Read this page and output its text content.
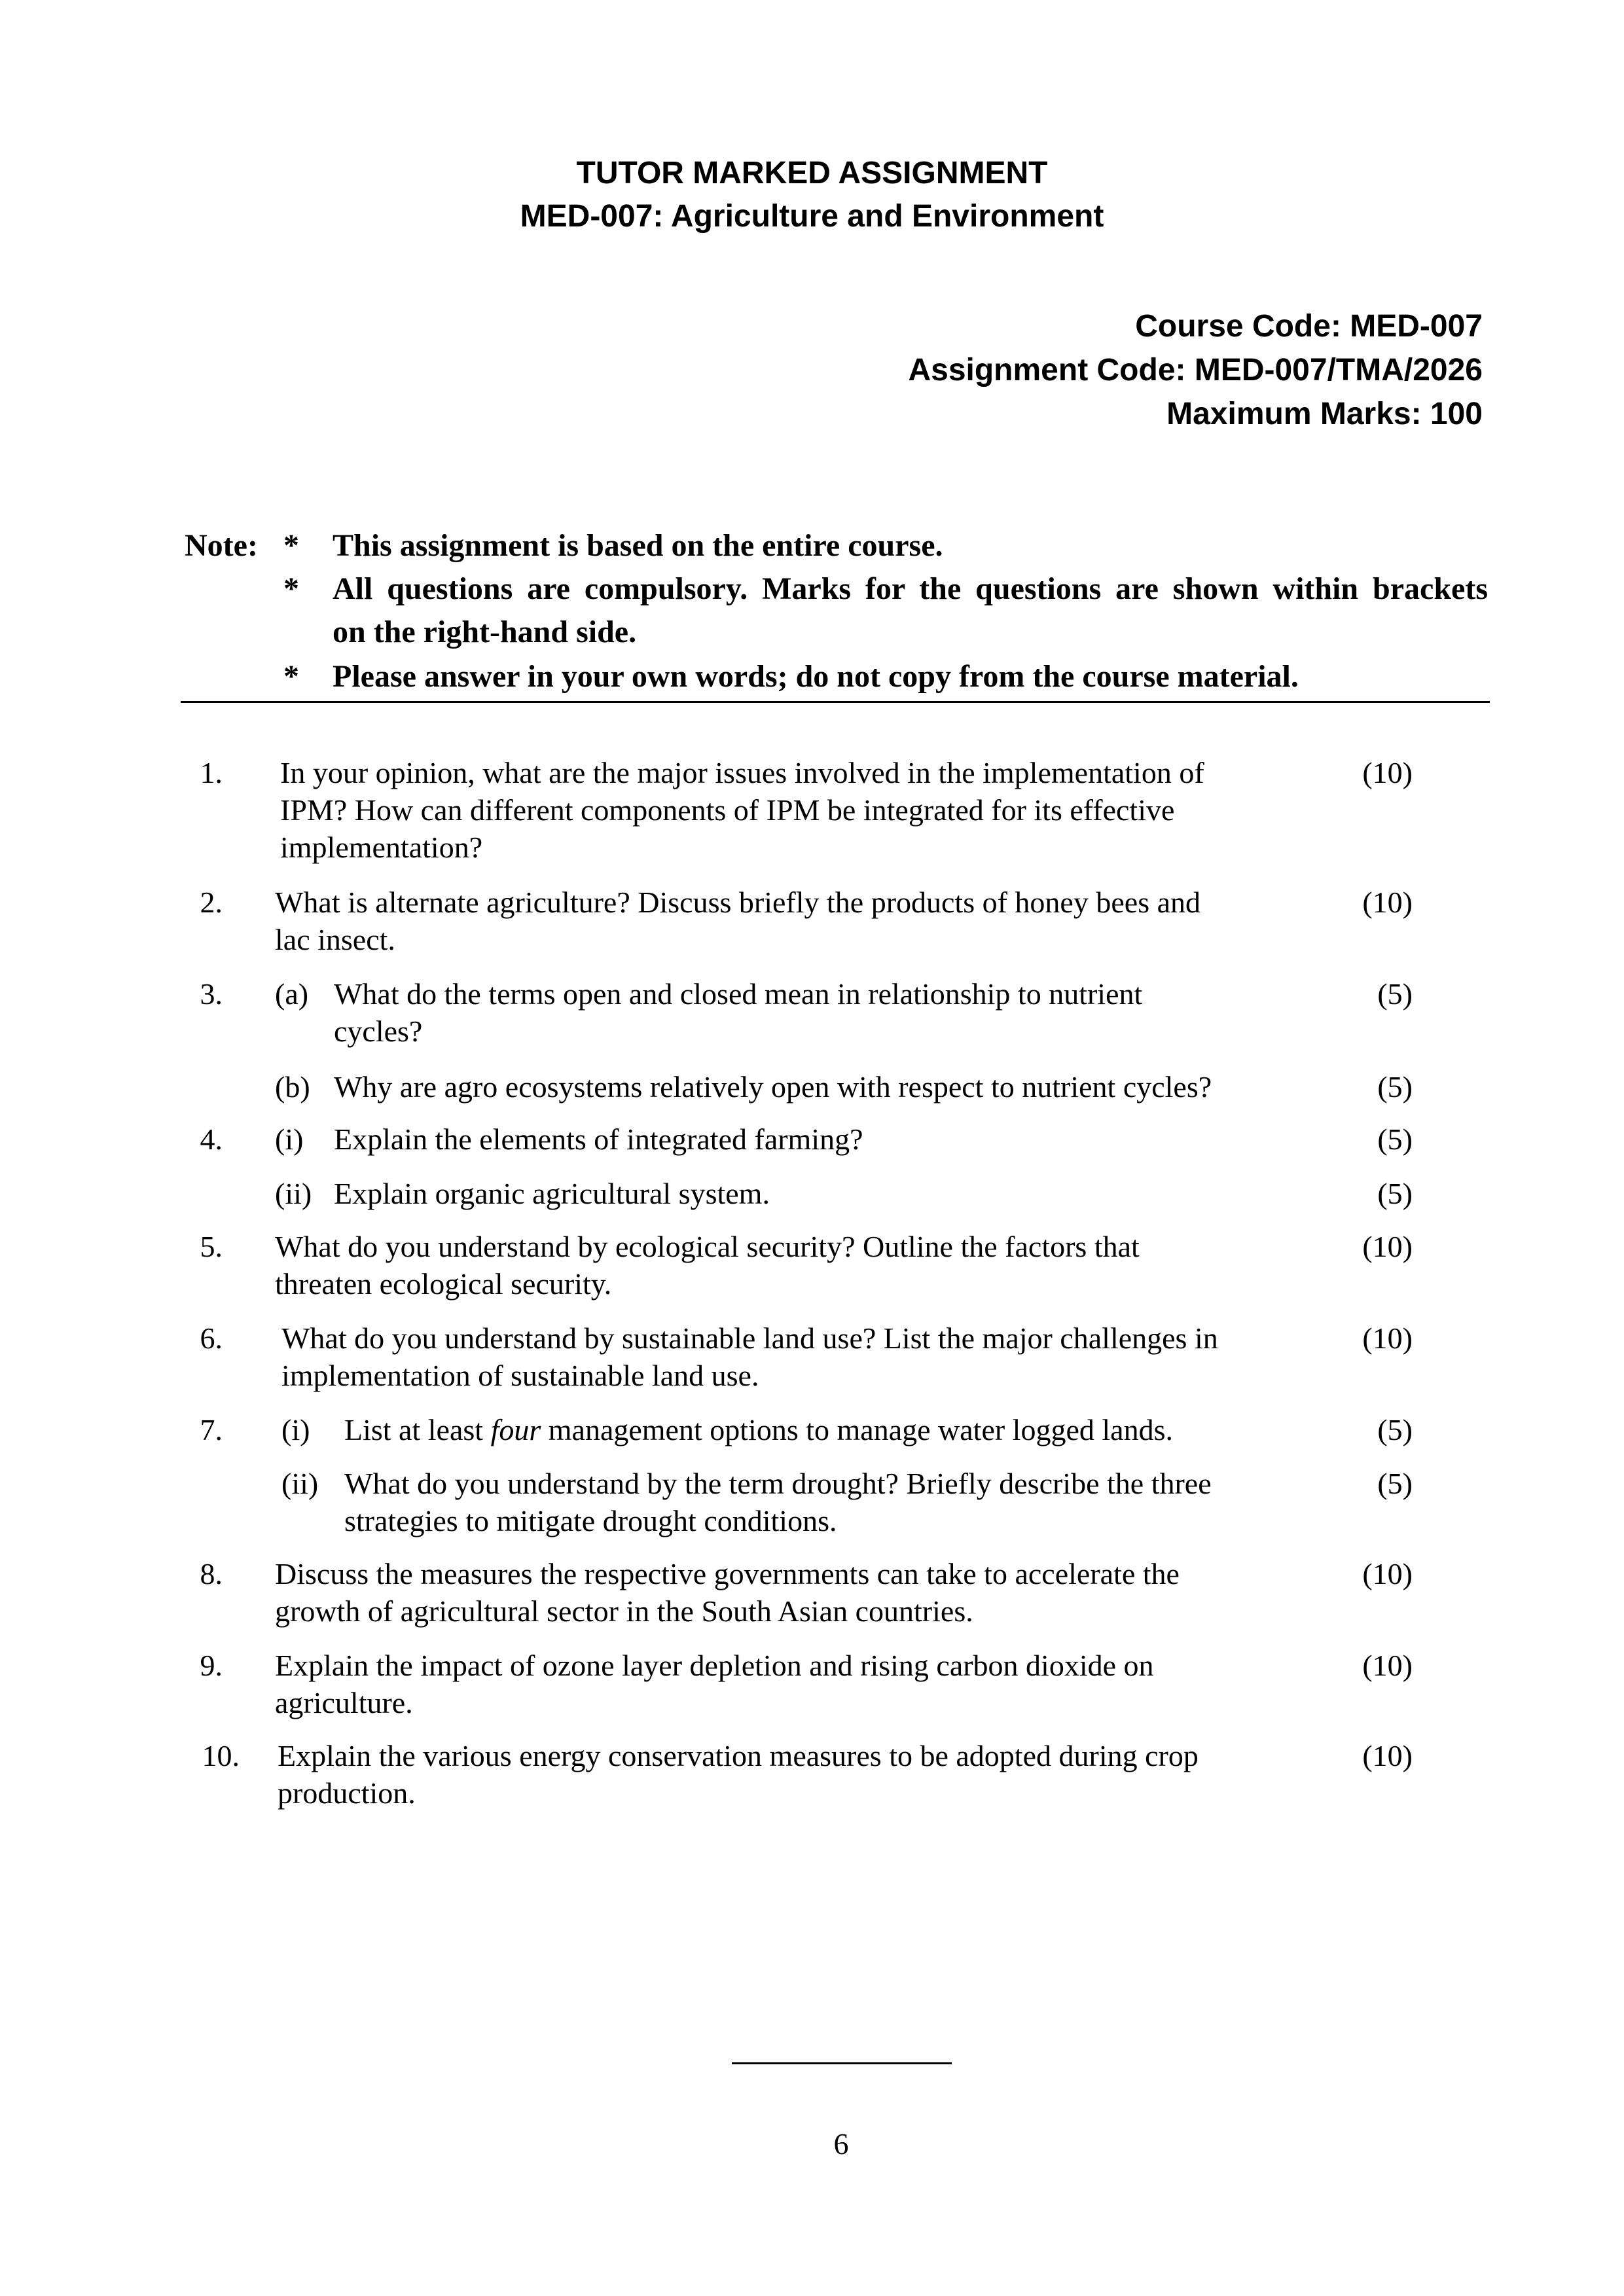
TUTOR MARKED ASSIGNMENT
MED-007: Agriculture and Environment
Course Code: MED-007
Assignment Code: MED-007/TMA/2026
Maximum Marks: 100
Note: * This assignment is based on the entire course.
* All questions are compulsory. Marks for the questions are shown within brackets
on the right-hand side.
* Please answer in your own words; do not copy from the course material.
1. In your opinion, what are the major issues involved in the implementation of
IPM? How can different components of IPM be integrated for its effective
implementation?
(10)
2. What is alternate agriculture? Discuss briefly the products of honey bees and
lac insect.
(10)
3. (a) What do the terms open and closed mean in relationship to nutrient
cycles?
(5)
(b) Why are agro ecosystems relatively open with respect to nutrient cycles?	(5)
4. (i) Explain the elements of integrated farming?	(5)
(ii) Explain organic agricultural system.	(5)
5. What do you understand by ecological security? Outline the factors that
threaten ecological security.
(10)
6. What do you understand by sustainable land use? List the major challenges in
implementation of sustainable land use.
(10)
7. (i) List at least four management options to manage water logged lands.	(5)
(ii) What do you understand by the term drought? Briefly describe the three
strategies to mitigate drought conditions.
(5)
8. Discuss the measures the respective governments can take to accelerate the
growth of agricultural sector in the South Asian countries.
(10)
9. Explain the impact of ozone layer depletion and rising carbon dioxide on
agriculture.
(10)
10. Explain the various energy conservation measures to be adopted during crop
production.
(10)
6
